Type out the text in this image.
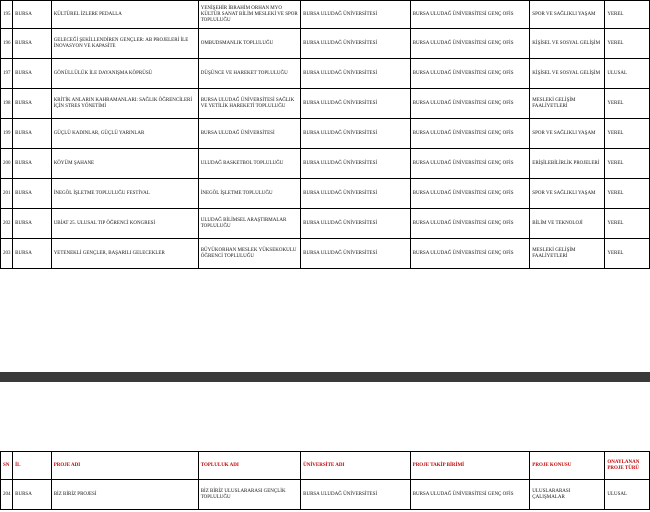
195	BURSA	KÜLTÜREL İZLERE PEDALLA	YENİŞEHİR İBRAHİM ORHAN MYO KÜLTÜR SANAT BİLİM MESLEKİ VE SPOR TOPLULUĞU	BURSA ULUDAĞ ÜNİVERSİTESİ	BURSA ULUDAĞ ÜNİVERSİTESİ GENÇ OFİS	SPOR VE SAĞLIKLI YAŞAM	YEREL
196	BURSA	GELECEĞİ ŞEKİLLENDİREN GENÇLER: AB PROJELERİ İLE İNOVASYON VE KAPASİTE	OMBUDSMANLIK TOPLULUĞU	BURSA ULUDAĞ ÜNİVERSİTESİ	BURSA ULUDAĞ ÜNİVERSİTESİ GENÇ OFİS	KİŞİSEL VE SOSYAL GELİŞİM	YEREL
197	BURSA	GÖNÜLLÜLÜK İLE DAYANIŞMA KÖPRÜSÜ	DÜŞÜNCE VE HAREKET TOPLULUĞU	BURSA ULUDAĞ ÜNİVERSİTESİ	BURSA ULUDAĞ ÜNİVERSİTESİ GENÇ OFİS	KİŞİSEL VE SOSYAL GELİŞİM	ULUSAL
198	BURSA	KRİTİK ANLARIN KAHRAMANLARI: SAĞLIK ÖĞRENCİLERİ İÇİN STRES YÖNETİMİ	BURSA ULUDAĞ ÜNİVERSİTESİ SAĞLIK VE YETİLİK HAREKETİ TOPLULUĞU	BURSA ULUDAĞ ÜNİVERSİTESİ	BURSA ULUDAĞ ÜNİVERSİTESİ GENÇ OFİS	MESLEKİ GELİŞİM FAALİYETLERİ	YEREL
199	BURSA	GÜÇLÜ KADINLAR, GÜÇLÜ YARINLAR	BURSA ULUDAĞ ÜNİVERSİTESİ	BURSA ULUDAĞ ÜNİVERSİTESİ	BURSA ULUDAĞ ÜNİVERSİTESİ GENÇ OFİS	SPOR VE SAĞLIKLI YAŞAM	YEREL
200	BURSA	KÖYÜM ŞAHANE	ULUDAĞ BASKETBOL TOPLULUĞU	BURSA ULUDAĞ ÜNİVERSİTESİ	BURSA ULUDAĞ ÜNİVERSİTESİ GENÇ OFİS	ERİŞİLEBİLİRLİK PROJELERİ	YEREL
201	BURSA	İNEGÖL İŞLETME TOPLULUĞU FESTİVAL	İNEGÖL İŞLETME TOPLULUĞU	BURSA ULUDAĞ ÜNİVERSİTESİ	BURSA ULUDAĞ ÜNİVERSİTESİ GENÇ OFİS	SPOR VE SAĞLIKLI YAŞAM	YEREL
202	BURSA	UBİAT 25. ULUSAL TIP ÖĞRENCİ KONGRESİ	ULUDAĞ BİLİMSEL ARAŞTIRMALAR TOPLULUĞU	BURSA ULUDAĞ ÜNİVERSİTESİ	BURSA ULUDAĞ ÜNİVERSİTESİ GENÇ OFİS	BİLİM VE TEKNOLOJİ	YEREL
203	BURSA	YETENEKLİ GENÇLER, BAŞARILI GELECEKLER	BÜYÜKORHAN MESLEK YÜKSEKOKULU ÖĞRENCİ TOPLULUĞU	BURSA ULUDAĞ ÜNİVERSİTESİ	BURSA ULUDAĞ ÜNİVERSİTESİ GENÇ OFİS	MESLEKİ GELİŞİM FAALİYETLERİ	YEREL
SN	İL	PROJE ADI	TOPLULUK ADI	ÜNİVERSİTE ADI	PROJE TAKİP BİRİMİ	PROJE KONUSU	ONAYLANAN PROJE TÜRÜ
204	BURSA	BİZ BİRİZ PROJESİ	BİZ BİRİZ ULUSLARARASI GENÇLİK TOPLULUĞU	BURSA ULUDAĞ ÜNİVERSİTESİ	BURSA ULUDAĞ ÜNİVERSİTESİ GENÇ OFİS	ULUSLARARASI ÇALIŞMALAR	ULUSAL
